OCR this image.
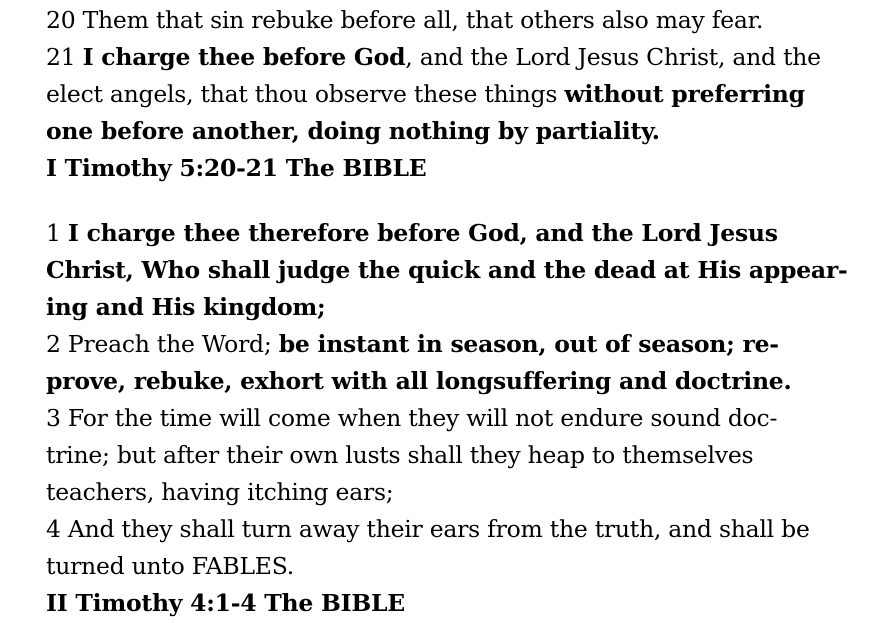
20 Them that sin rebuke before all, that others also may fear.
21 I charge thee before God, and the Lord Jesus Christ, and the
elect angels, that thou observe these things without preferring
one before another, doing nothing by partiality.
I Timothy 5:20-21 The BIBLE
1 I charge thee therefore before God, and the Lord Jesus
Christ, Who shall judge the quick and the dead at His appear-
ing and His kingdom;
2 Preach the Word; be instant in season, out of season; re-
prove, rebuke, exhort with all longsuffering and doctrine.
3 For the time will come when they will not endure sound doc-
trine; but after their own lusts shall they heap to themselves
teachers, having itching ears;
4 And they shall turn away their ears from the truth, and shall be
turned unto FABLES.
II Timothy 4:1-4 The BIBLE
